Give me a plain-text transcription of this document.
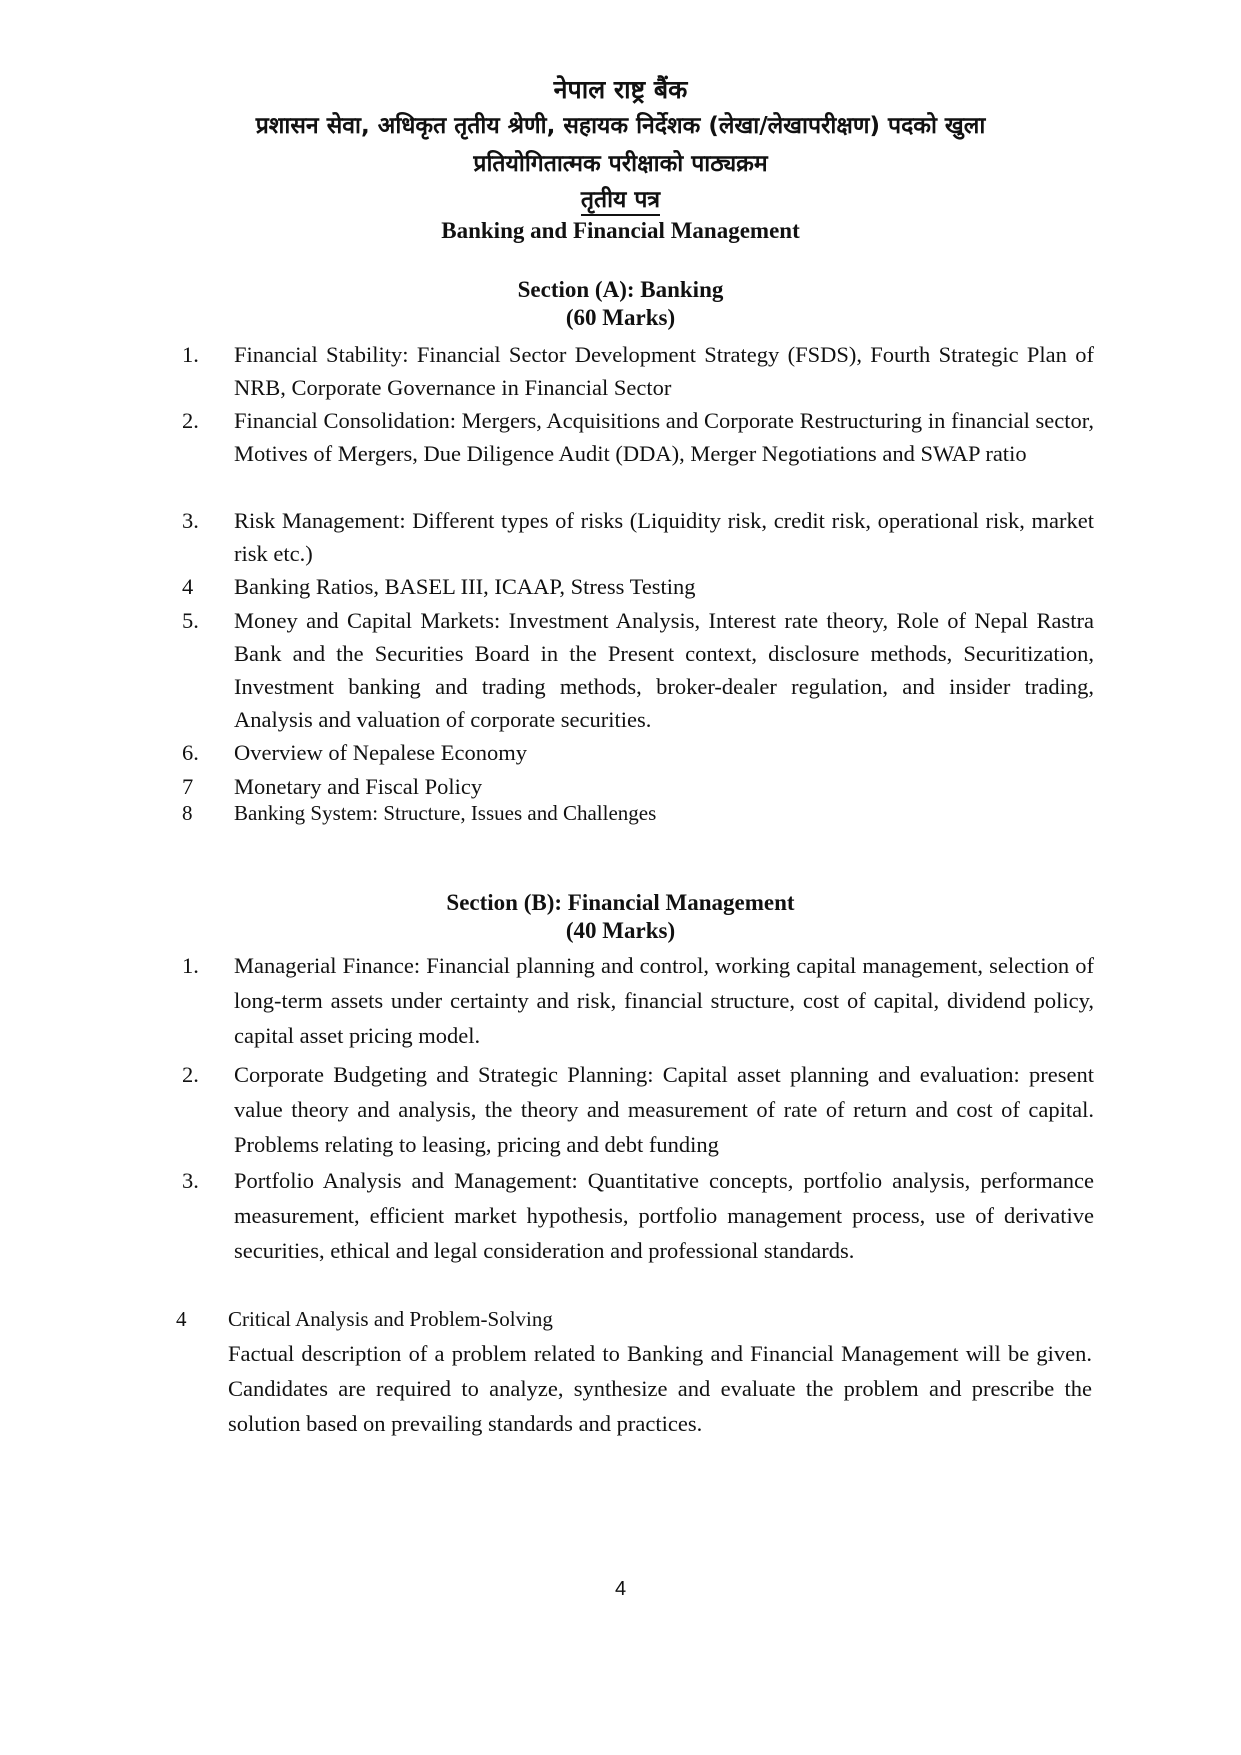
नेपाल राष्ट्र बैंक
प्रशासन सेवा, अधिकृत तृतीय श्रेणी, सहायक निर्देशक (लेखा/लेखापरीक्षण) पदको खुला
प्रतियोगितात्मक परीक्षाको पाठ्यक्रम
तृतीय पत्र
Banking and Financial Management
Section (A): Banking
(60 Marks)
1. Financial Stability: Financial Sector Development Strategy (FSDS), Fourth Strategic Plan of NRB, Corporate Governance in Financial Sector
2. Financial Consolidation: Mergers, Acquisitions and Corporate Restructuring in financial sector, Motives of Mergers, Due Diligence Audit (DDA), Merger Negotiations and SWAP ratio
3. Risk Management: Different types of risks (Liquidity risk, credit risk, operational risk, market risk etc.)
4 Banking Ratios, BASEL III, ICAAP, Stress Testing
5. Money and Capital Markets: Investment Analysis, Interest rate theory, Role of Nepal Rastra Bank and the Securities Board in the Present context, disclosure methods, Securitization, Investment banking and trading methods, broker-dealer regulation, and insider trading, Analysis and valuation of corporate securities.
6. Overview of Nepalese Economy
7 Monetary and Fiscal Policy
8 Banking System: Structure, Issues and Challenges
Section (B): Financial Management
(40 Marks)
1. Managerial Finance: Financial planning and control, working capital management, selection of long-term assets under certainty and risk, financial structure, cost of capital, dividend policy, capital asset pricing model.
2. Corporate Budgeting and Strategic Planning: Capital asset planning and evaluation: present value theory and analysis, the theory and measurement of rate of return and cost of capital. Problems relating to leasing, pricing and debt funding
3. Portfolio Analysis and Management: Quantitative concepts, portfolio analysis, performance measurement, efficient market hypothesis, portfolio management process, use of derivative securities, ethical and legal consideration and professional standards.
4 Critical Analysis and Problem-Solving
Factual description of a problem related to Banking and Financial Management will be given. Candidates are required to analyze, synthesize and evaluate the problem and prescribe the solution based on prevailing standards and practices.
4
